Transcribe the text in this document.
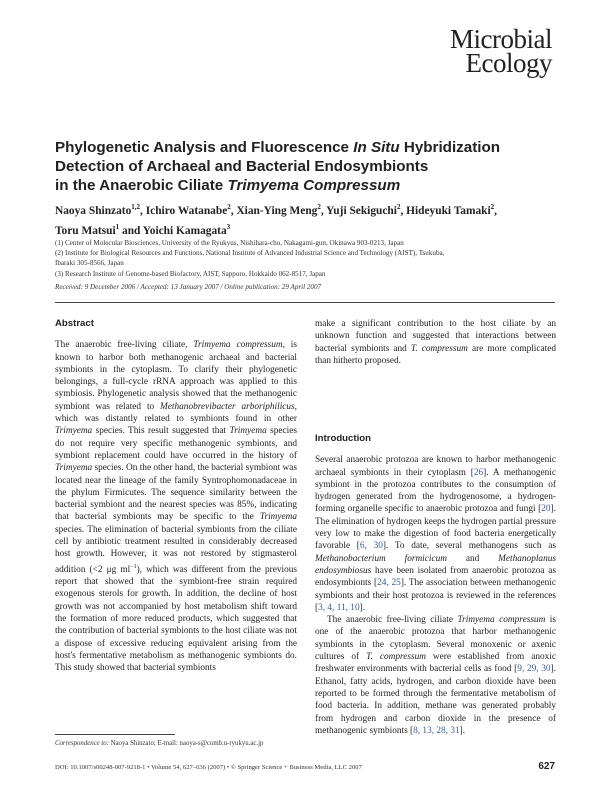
Microbial
Ecology
Phylogenetic Analysis and Fluorescence In Situ Hybridization
Detection of Archaeal and Bacterial Endosymbionts
in the Anaerobic Ciliate Trimyema Compressum
Naoya Shinzato$^{1,2}$, Ichiro Watanabe$^2$, Xian-Ying Meng$^2$, Yuji Sekiguchi$^2$, Hideyuki Tamaki$^2$,
Toru Matsui$^1$ and Yoichi Kamagata$^3$
(1) Center of Molecular Biosciences, University of the Ryukyus, Nishihara-cho, Nakagami-gun, Okinawa 903-0213, Japan
(2) Institute for Biological Resources and Functions, National Institute of Advanced Industrial Science and Technology (AIST), Tsukuba,
Ibaraki 305-8566, Japan
(3) Research Institute of Genome-based Biofactory, AIST, Sapporo, Hokkaido 062-8517, Japan
Received: 9 December 2006 / Accepted: 13 January 2007 / Online publication: 29 April 2007
Abstract

The anaerobic free-living ciliate, Trimyema compressum, is known to harbor both methanogenic archaeal and bacterial symbionts in the cytoplasm. To clarify their phylogenetic belongings, a full-cycle rRNA approach was applied to this symbiosis. Phylogenetic analysis showed that the methanogenic symbiont was related to Methanobrevibacter arboriphilicus, which was distantly related to symbionts found in other Trimyema species. This result suggested that Trimyema species do not require very specific methanogenic symbionts, and symbiont replacement could have occurred in the history of Trimyema species. On the other hand, the bacterial symbiont was located near the lineage of the family Syntrophomonadaceae in the phylum Firmicutes. The sequence similarity between the bacterial symbiont and the nearest species was 85%, indicating that bacterial symbionts may be specific to the Trimyema species. The elimination of bacterial symbionts from the ciliate cell by antibiotic treatment resulted in considerably decreased host growth. However, it was not restored by stigmasterol addition (<2 μg $ml^{-1}$), which was different from the previous report that showed that the symbiont-free strain required exogenous sterols for growth. In addition, the decline of host growth was not accompanied by host metabolism shift toward the formation of more reduced products, which suggested that the contribution of bacterial symbionts to the host ciliate was not a dispose of excessive reducing equivalent arising from the host's fermentative metabolism as methanogenic symbionts do. This study showed that bacterial symbionts

make a significant contribution to the host ciliate by an unknown function and suggested that interactions between bacterial symbionts and T. compressum are more complicated than hitherto proposed.

Introduction

Several anaerobic protozoa are known to harbor methanogenic archaeal symbionts in their cytoplasm [26]. A methanogenic symbiont in the protozoa contributes to the consumption of hydrogen generated from the hydrogenosome, a hydrogen-forming organelle specific to anaerobic protozoa and fungi [20]. The elimination of hydrogen keeps the hydrogen partial pressure very low to make the digestion of food bacteria energetically favorable [6, 30]. To date, several methanogens such as Methanobacterium formicicum and Methanoplanus endosymbiosus have been isolated from anaerobic protozoa as endosymbionts [24, 25]. The association between methanogenic symbionts and their host protozoa is reviewed in the references [3, 4, 11, 10].

The anaerobic free-living ciliate Trimyema compressum is one of the anaerobic protozoa that harbor methanogenic symbionts in the cytoplasm. Several monoxenic or axenic cultures of T. compressum were established from anoxic freshwater environments with bacterial cells as food [9, 29, 30]. Ethanol, fatty acids, hydrogen, and carbon dioxide have been reported to be formed through the fermentative metabolism of food bacteria. In addition, methane was generated probably from hydrogen and carbon dioxide in the presence of methanogenic symbionts [8, 13, 28, 31].

Correspondence to: Naoya Shinzato; E-mail: naoya-s@comb.u-ryukyu.ac.jp
DOI: 10.1007/s00248-007-9218-1 • Volume 54, 627–636 (2007) • © Springer Science + Business Media, LLC 2007	627
